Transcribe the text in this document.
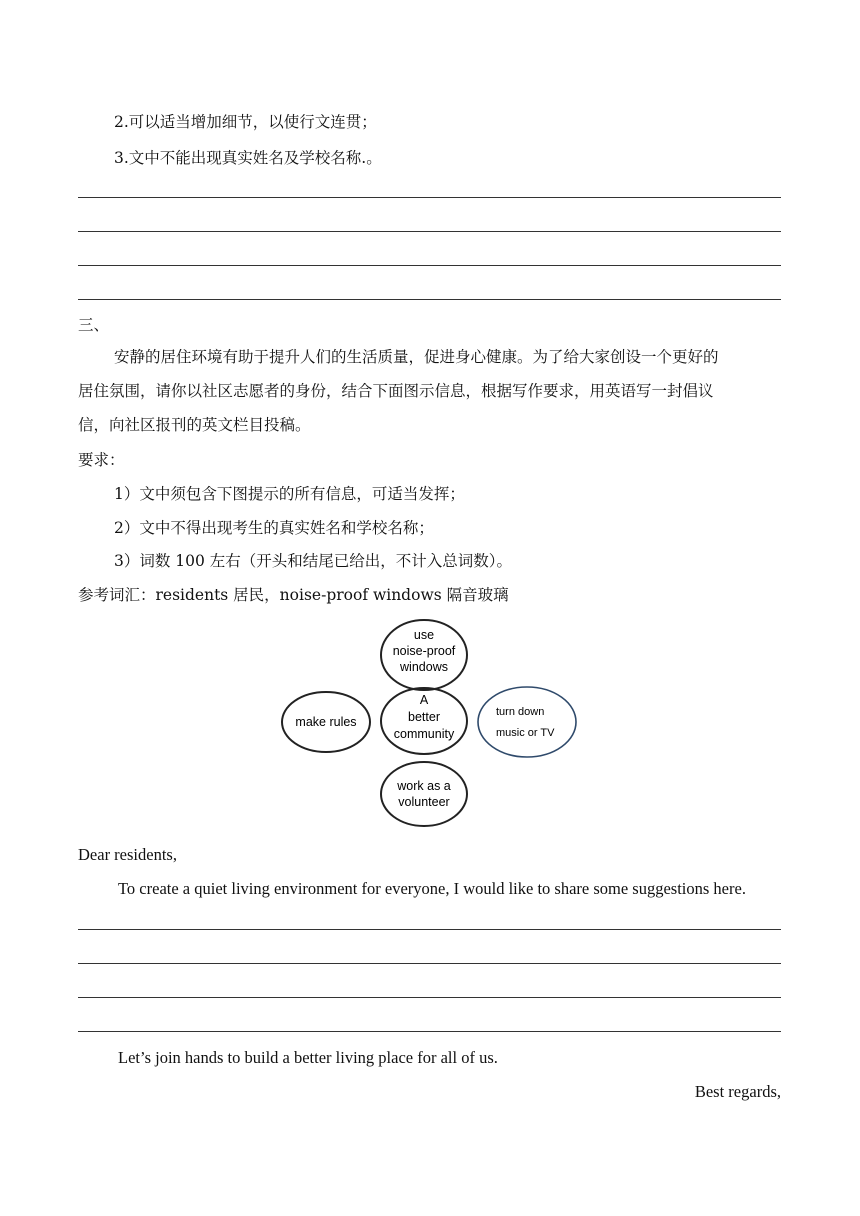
2.可以适当增加细节，以使行文连贯；
3.文中不能出现真实姓名及学校名称.。
三、
安静的居住环境有助于提升人们的生活质量，促进身心健康。为了给大家创设一个更好的
居住氛围，请你以社区志愿者的身份，结合下面图示信息，根据写作要求，用英语写一封倡议
信，向社区报刊的英文栏目投稿。
要求：
1）文中须包含下图提示的所有信息，可适当发挥；
2）文中不得出现考生的真实姓名和学校名称；
3）词数 100 左右（开头和结尾已给出，不计入总词数）。
参考词汇：residents 居民，noise-proof windows 隔音玻璃
use
noise-proof
windows
make rules
A
better
community
turn down
music or TV
work as a
volunteer
Dear residents,
To create a quiet living environment for everyone, I would like to share some suggestions here.
Let’s join hands to build a better living place for all of us.
Best regards,
